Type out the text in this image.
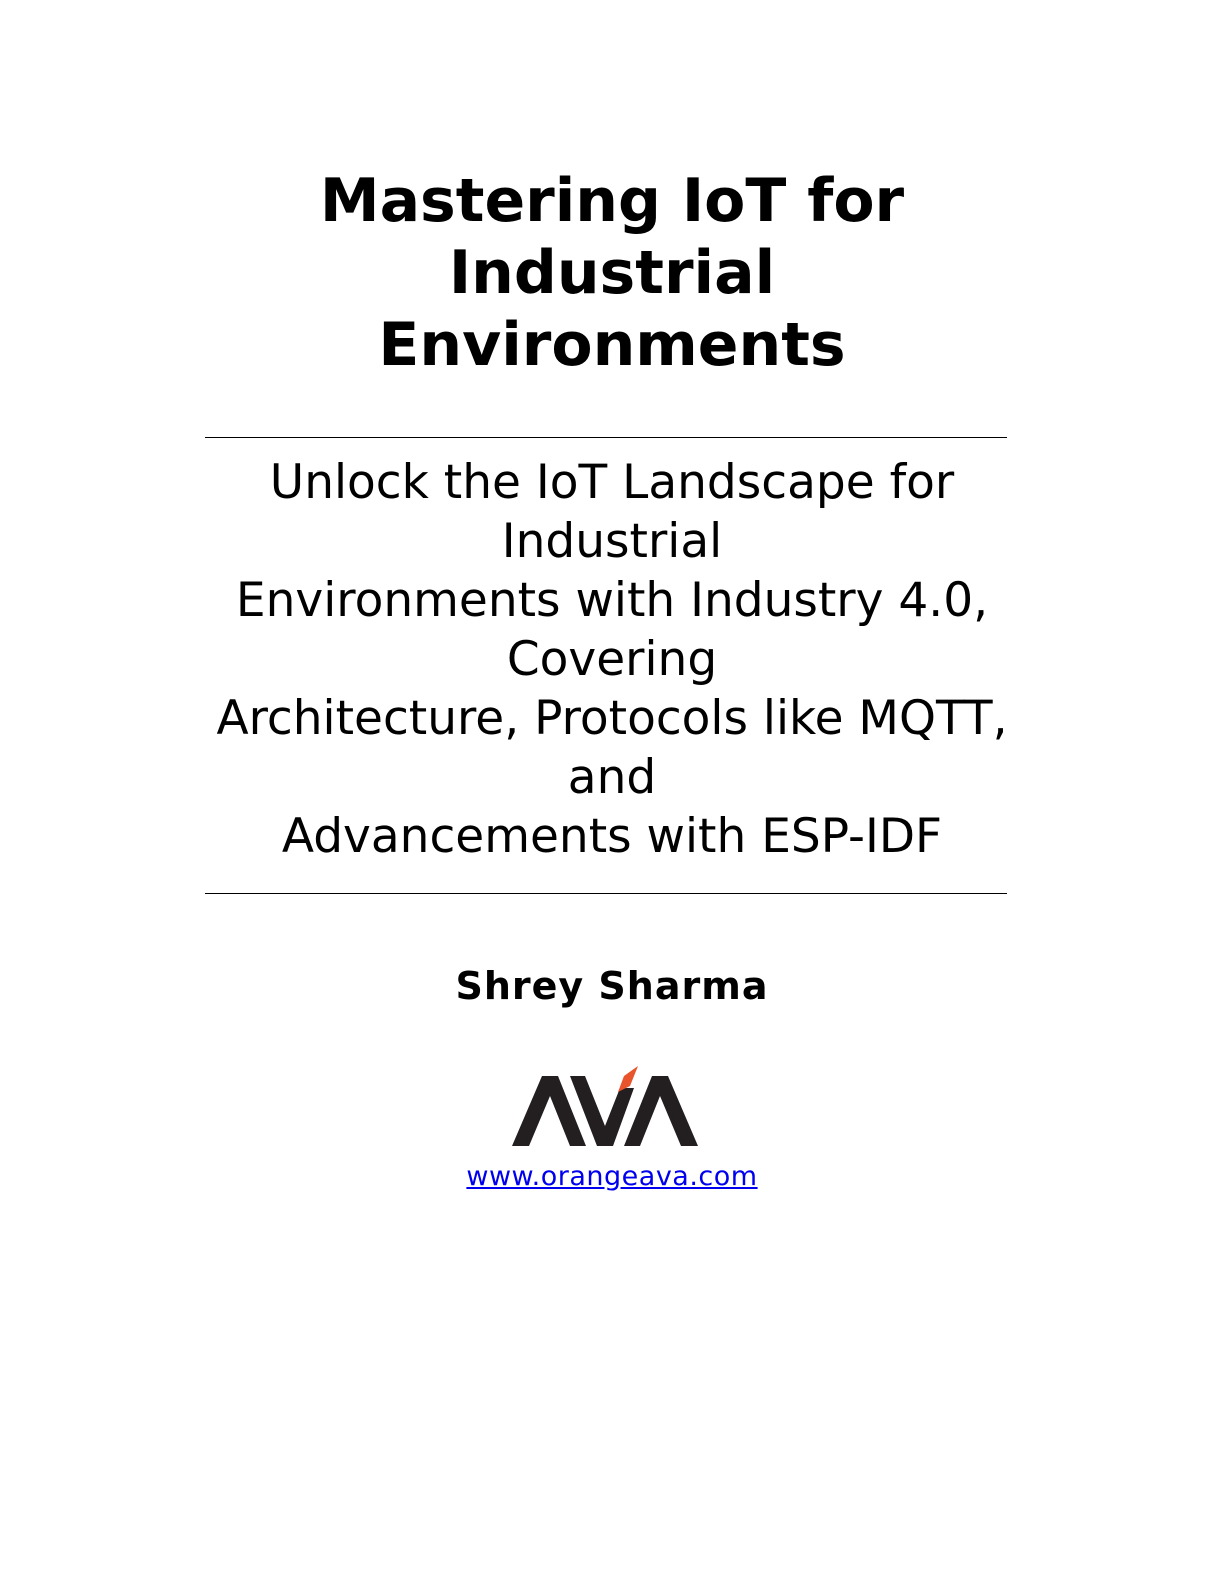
Mastering IoT for
Industrial
Environments
Unlock the IoT Landscape for
Industrial
Environments with Industry 4.0,
Covering
Architecture, Protocols like MQTT,
and
Advancements with ESP-IDF
Shrey Sharma
www.orangeava.com
